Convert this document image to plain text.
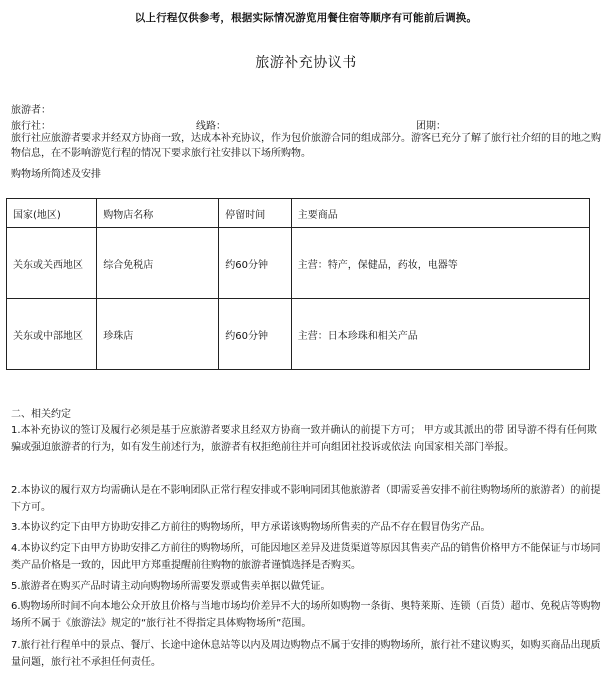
以上行程仅供参考，根据实际情况游览用餐住宿等顺序有可能前后调换。
旅游补充协议书
旅游者：
旅行社：	线路：	团期：
旅行社应旅游者要求并经双方协商一致，达成本补充协议，作为包价旅游合同的组成部分。游客已充分了解了旅行社介绍的目的地之购物信息，在不影响游览行程的情况下要求旅行社安排以下场所购物。
购物场所简述及安排
国家(地区)	购物店名称	停留时间	主要商品
关东或关西地区	综合免税店	约60分钟	主营：特产，保健品，药妆，电器等
关东或中部地区	珍珠店	约60分钟	主营：日本珍珠和相关产品
二、相关约定
1.本补充协议的签订及履行必须是基于应旅游者要求且经双方协商一致并确认的前提下方可； 甲方或其派出的带 团导游不得有任何欺骗或强迫旅游者的行为，如有发生前述行为，旅游者有权拒绝前往并可向组团社投诉或依法 向国家相关部门举报。
2.本协议的履行双方均需确认是在不影响团队正常行程安排或不影响同团其他旅游者（即需妥善安排不前往购物场所的旅游者）的前提下方可。
3.本协议约定下由甲方协助安排乙方前往的购物场所，甲方承诺该购物场所售卖的产品不存在假冒伪劣产品。
4.本协议约定下由甲方协助安排乙方前往的购物场所，可能因地区差异及进货渠道等原因其售卖产品的销售价格甲方不能保证与市场同类产品价格是一致的，因此甲方郑重提醒前往购物的旅游者谨慎选择是否购买。
5.旅游者在购买产品时请主动向购物场所需要发票或售卖单据以做凭证。
6.购物场所时间不向本地公众开放且价格与当地市场均价差异不大的场所如购物一条街、奥特莱斯、连锁（百货）超市、免税店等购物场所不属于《旅游法》规定的“旅行社不得指定具体购物场所”范围。
7.旅行社行程单中的景点、餐厅、长途中途休息站等以内及周边购物点不属于安排的购物场所，旅行社不建议购买，如购买商品出现质量问题，旅行社不承担任何责任。
